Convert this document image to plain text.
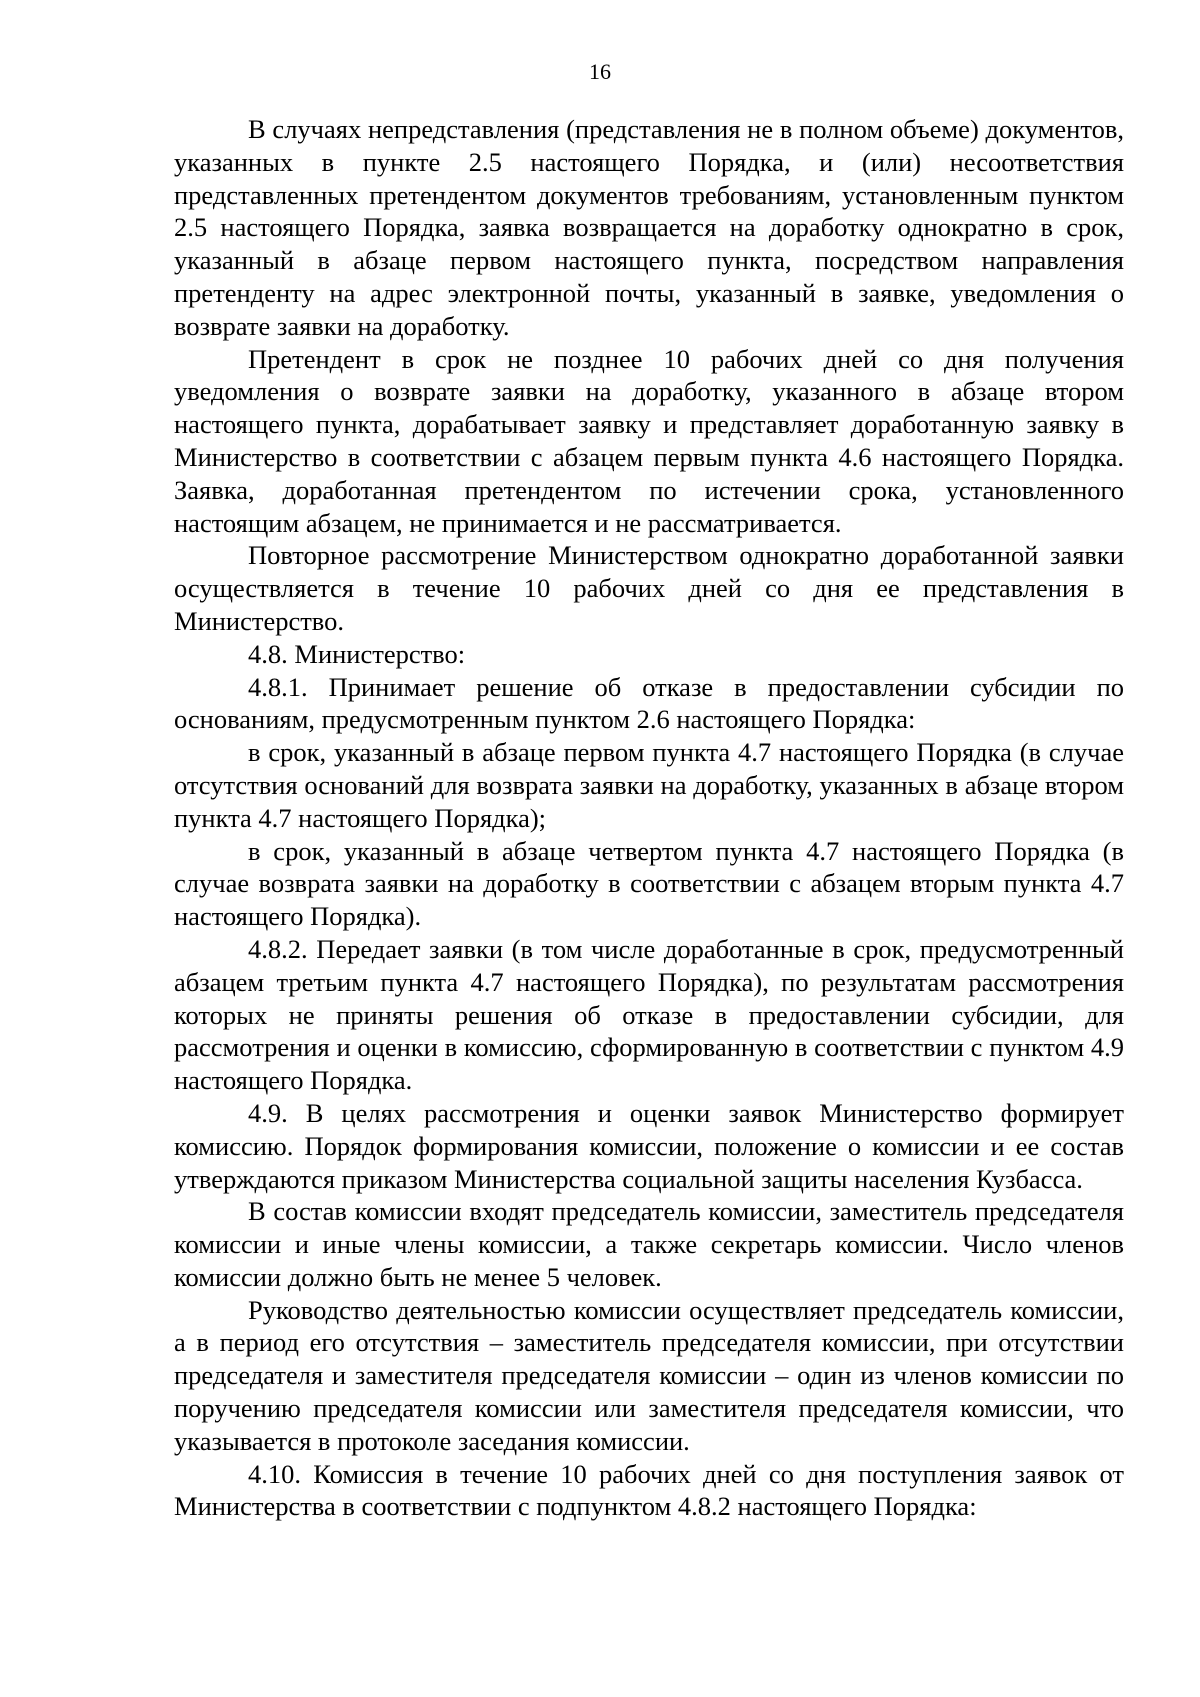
16

В случаях непредставления (представления не в полном объеме) документов, указанных в пункте 2.5 настоящего Порядка, и (или) несоответствия представленных претендентом документов требованиям, установленным пунктом 2.5 настоящего Порядка, заявка возвращается на доработку однократно в срок, указанный в абзаце первом настоящего пункта, посредством направления претенденту на адрес электронной почты, указанный в заявке, уведомления о возврате заявки на доработку.

Претендент в срок не позднее 10 рабочих дней со дня получения уведомления о возврате заявки на доработку, указанного в абзаце втором настоящего пункта, дорабатывает заявку и представляет доработанную заявку в Министерство в соответствии с абзацем первым пункта 4.6 настоящего Порядка. Заявка, доработанная претендентом по истечении срока, установленного настоящим абзацем, не принимается и не рассматривается.

Повторное рассмотрение Министерством однократно доработанной заявки осуществляется в течение 10 рабочих дней со дня ее представления в Министерство.

4.8. Министерство:

4.8.1. Принимает решение об отказе в предоставлении субсидии по основаниям, предусмотренным пунктом 2.6 настоящего Порядка:

в срок, указанный в абзаце первом пункта 4.7 настоящего Порядка (в случае отсутствия оснований для возврата заявки на доработку, указанных в абзаце втором пункта 4.7 настоящего Порядка);

в срок, указанный в абзаце четвертом пункта 4.7 настоящего Порядка (в случае возврата заявки на доработку в соответствии с абзацем вторым пункта 4.7 настоящего Порядка).

4.8.2. Передает заявки (в том числе доработанные в срок, предусмотренный абзацем третьим пункта 4.7 настоящего Порядка), по результатам рассмотрения которых не приняты решения об отказе в предоставлении субсидии, для рассмотрения и оценки в комиссию, сформированную в соответствии с пунктом 4.9 настоящего Порядка.

4.9. В целях рассмотрения и оценки заявок Министерство формирует комиссию. Порядок формирования комиссии, положение о комиссии и ее состав утверждаются приказом Министерства социальной защиты населения Кузбасса.

В состав комиссии входят председатель комиссии, заместитель председателя комиссии и иные члены комиссии, а также секретарь комиссии. Число членов комиссии должно быть не менее 5 человек.

Руководство деятельностью комиссии осуществляет председатель комиссии, а в период его отсутствия – заместитель председателя комиссии, при отсутствии председателя и заместителя председателя комиссии – один из членов комиссии по поручению председателя комиссии или заместителя председателя комиссии, что указывается в протоколе заседания комиссии.

4.10. Комиссия в течение 10 рабочих дней со дня поступления заявок от Министерства в соответствии с подпунктом 4.8.2 настоящего Порядка:
